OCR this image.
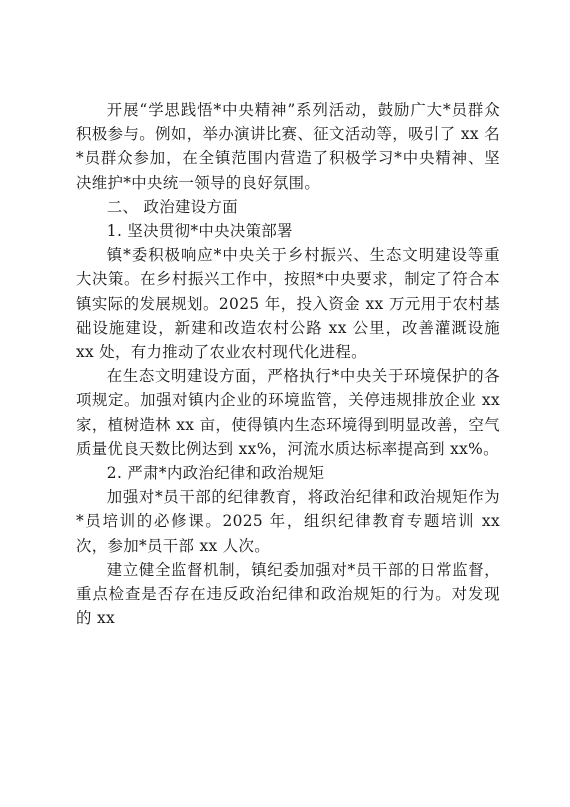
开展“学思践悟*中央精神”系列活动，鼓励广大*员群众积极参与。例如，举办演讲比赛、征文活动等，吸引了 xx 名*员群众参加，在全镇范围内营造了积极学习*中央精神、坚决维护*中央统一领导的良好氛围。

二、 政治建设方面

1. 坚决贯彻*中央决策部署

镇*委积极响应*中央关于乡村振兴、生态文明建设等重大决策。在乡村振兴工作中，按照*中央要求，制定了符合本镇实际的发展规划。2025 年，投入资金 xx 万元用于农村基础设施建设，新建和改造农村公路 xx 公里，改善灌溉设施 xx 处，有力推动了农业农村现代化进程。

在生态文明建设方面，严格执行*中央关于环境保护的各项规定。加强对镇内企业的环境监管，关停违规排放企业 xx 家，植树造林 xx 亩，使得镇内生态环境得到明显改善，空气质量优良天数比例达到 xx%，河流水质达标率提高到 xx%。

2. 严肃*内政治纪律和政治规矩

加强对*员干部的纪律教育，将政治纪律和政治规矩作为*员培训的必修课。2025 年，组织纪律教育专题培训 xx 次，参加*员干部 xx 人次。

建立健全监督机制，镇纪委加强对*员干部的日常监督，重点检查是否存在违反政治纪律和政治规矩的行为。对发现的 xx
